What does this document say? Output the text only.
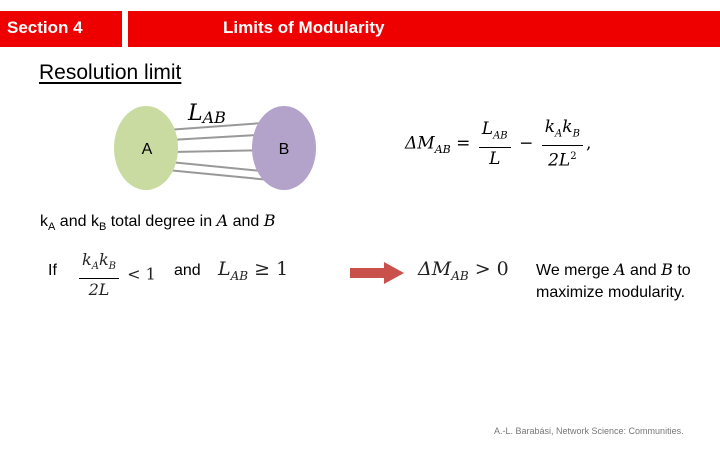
Section 4	Limits of Modularity
Resolution limit
A	B
LAB
$\Delta M_{AB} = \frac{L_{AB}}{L} - \frac{k_Ak_B}{2L^2}$ ,
$k_A$ and $k_B$ total degree in A and B
If $\frac{k_Ak_B}{2L} < 1$ and $L_{AB} \ge 1$	$\Delta M_{AB} > 0$ We merge A and B to maximize modularity.
A.-L. Barabási, Network Science: Communities.
